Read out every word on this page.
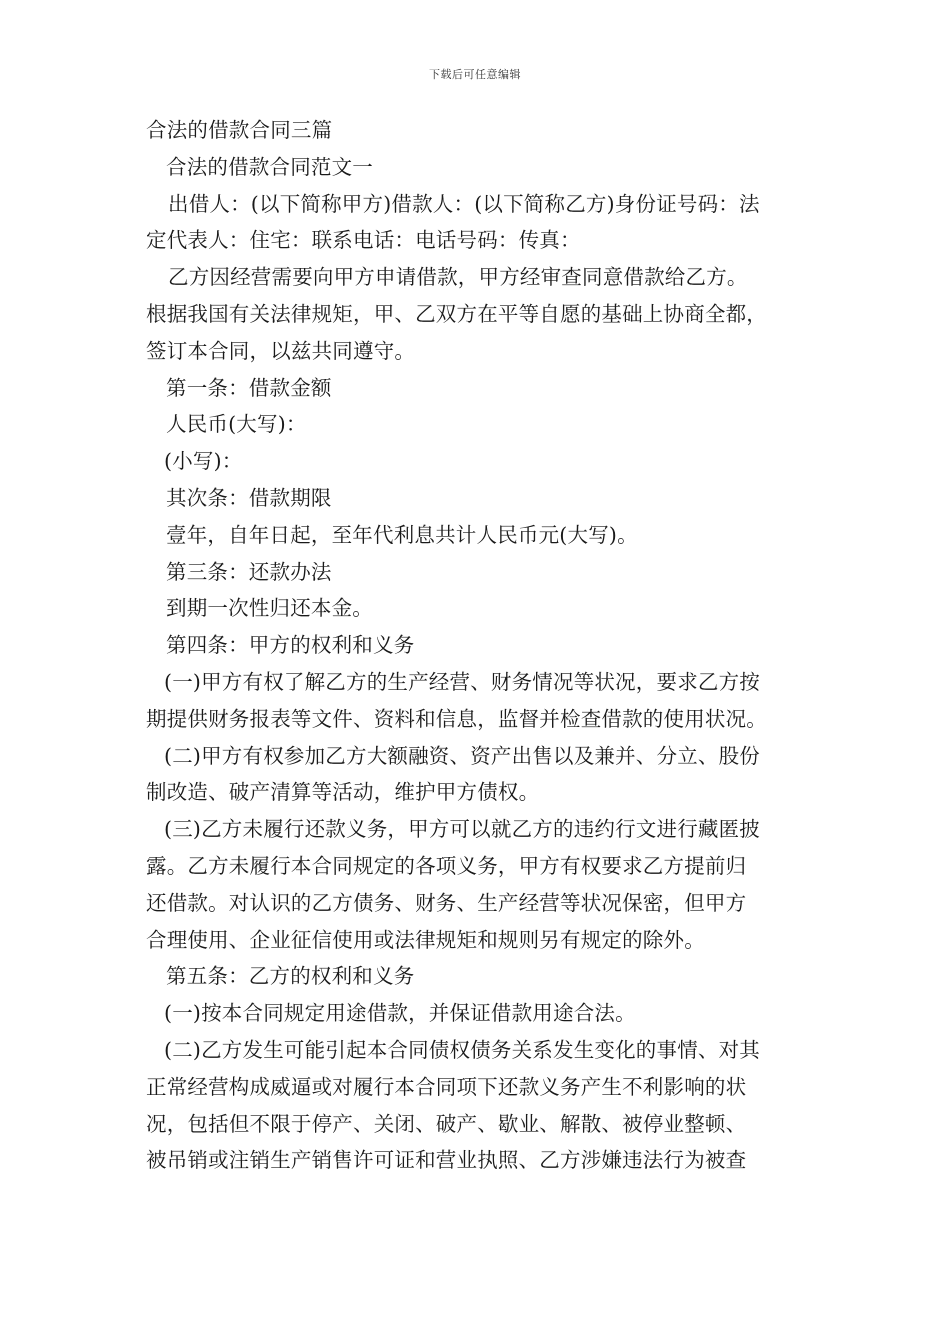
下载后可任意编辑
合法的借款合同三篇
合法的借款合同范文一
出借人：(以下简称甲方)借款人：(以下简称乙方)身份证号码：法
定代表人：住宅：联系电话：电话号码：传真：
乙方因经营需要向甲方申请借款，甲方经审查同意借款给乙方。
根据我国有关法律规矩，甲、乙双方在平等自愿的基础上协商全都，
签订本合同，以兹共同遵守。
第一条：借款金额
人民币(大写)：
(小写)：
其次条：借款期限
壹年，自年日起，至年代利息共计人民币元(大写)。
第三条：还款办法
到期一次性归还本金。
第四条：甲方的权利和义务
(一)甲方有权了解乙方的生产经营、财务情况等状况，要求乙方按
期提供财务报表等文件、资料和信息，监督并检查借款的使用状况。
(二)甲方有权参加乙方大额融资、资产出售以及兼并、分立、股份
制改造、破产清算等活动，维护甲方债权。
(三)乙方未履行还款义务，甲方可以就乙方的违约行文进行藏匿披
露。乙方未履行本合同规定的各项义务，甲方有权要求乙方提前归
还借款。对认识的乙方债务、财务、生产经营等状况保密，但甲方
合理使用、企业征信使用或法律规矩和规则另有规定的除外。
第五条：乙方的权利和义务
(一)按本合同规定用途借款，并保证借款用途合法。
(二)乙方发生可能引起本合同债权债务关系发生变化的事情、对其
正常经营构成威逼或对履行本合同项下还款义务产生不利影响的状
况，包括但不限于停产、关闭、破产、歇业、解散、被停业整顿、
被吊销或注销生产销售许可证和营业执照、乙方涉嫌违法行为被查
